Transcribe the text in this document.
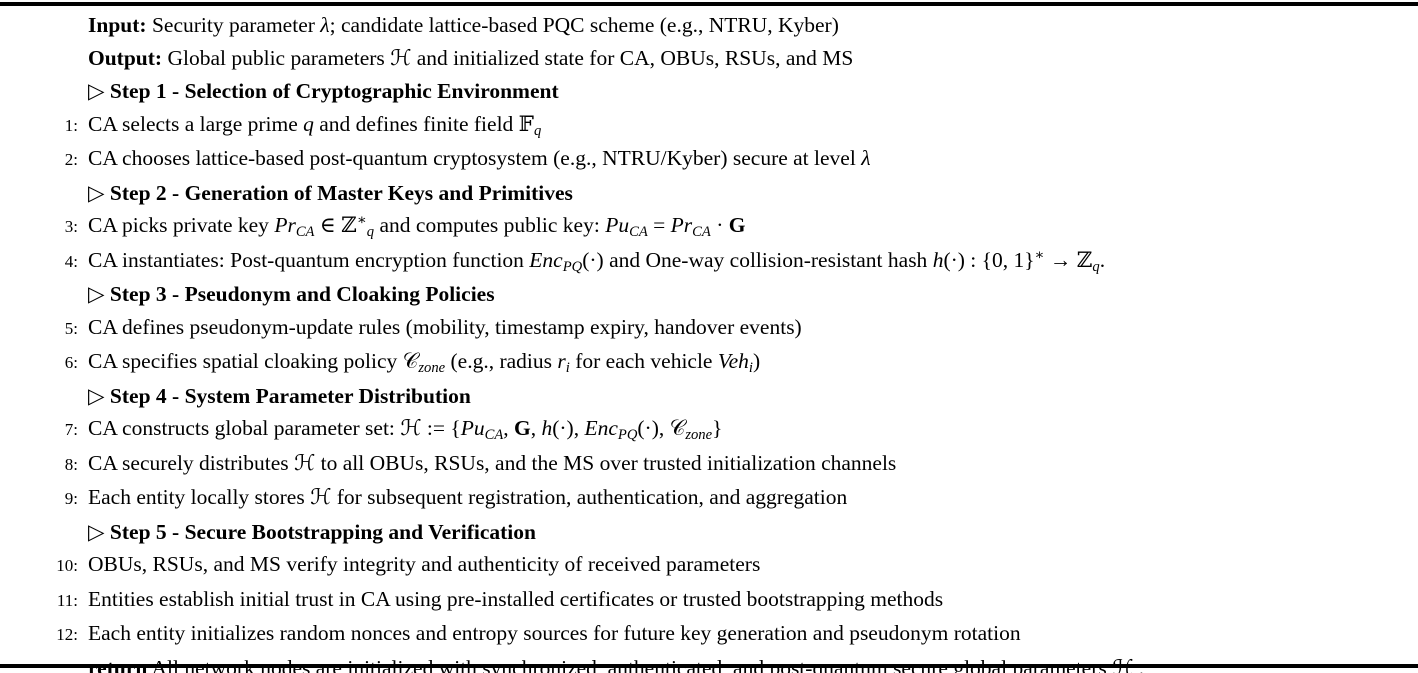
Input: Security parameter λ; candidate lattice-based PQC scheme (e.g., NTRU, Kyber)
Output: Global public parameters ℋ and initialized state for CA, OBUs, RSUs, and MS
▷ Step 1 - Selection of Cryptographic Environment
1: CA selects a large prime q and defines finite field 𝔽q
2: CA chooses lattice-based post-quantum cryptosystem (e.g., NTRU/Kyber) secure at level λ
▷ Step 2 - Generation of Master Keys and Primitives
3: CA picks private key PrCA ∈ ℤ∗q and computes public key: PuCA = PrCA · G
4: CA instantiates: Post-quantum encryption function EncPQ(·) and One-way collision-resistant hash h(·) : {0, 1}∗ → ℤq.
▷ Step 3 - Pseudonym and Cloaking Policies
5: CA defines pseudonym-update rules (mobility, timestamp expiry, handover events)
6: CA specifies spatial cloaking policy 𝒞zone (e.g., radius ri for each vehicle Vehi)
▷ Step 4 - System Parameter Distribution
7: CA constructs global parameter set: ℋ := {PuCA, G, h(·), EncPQ(·), 𝒞zone}
8: CA securely distributes ℋ to all OBUs, RSUs, and the MS over trusted initialization channels
9: Each entity locally stores ℋ for subsequent registration, authentication, and aggregation
▷ Step 5 - Secure Bootstrapping and Verification
10: OBUs, RSUs, and MS verify integrity and authenticity of received parameters
11: Entities establish initial trust in CA using pre-installed certificates or trusted bootstrapping methods
12: Each entity initializes random nonces and entropy sources for future key generation and pseudonym rotation
